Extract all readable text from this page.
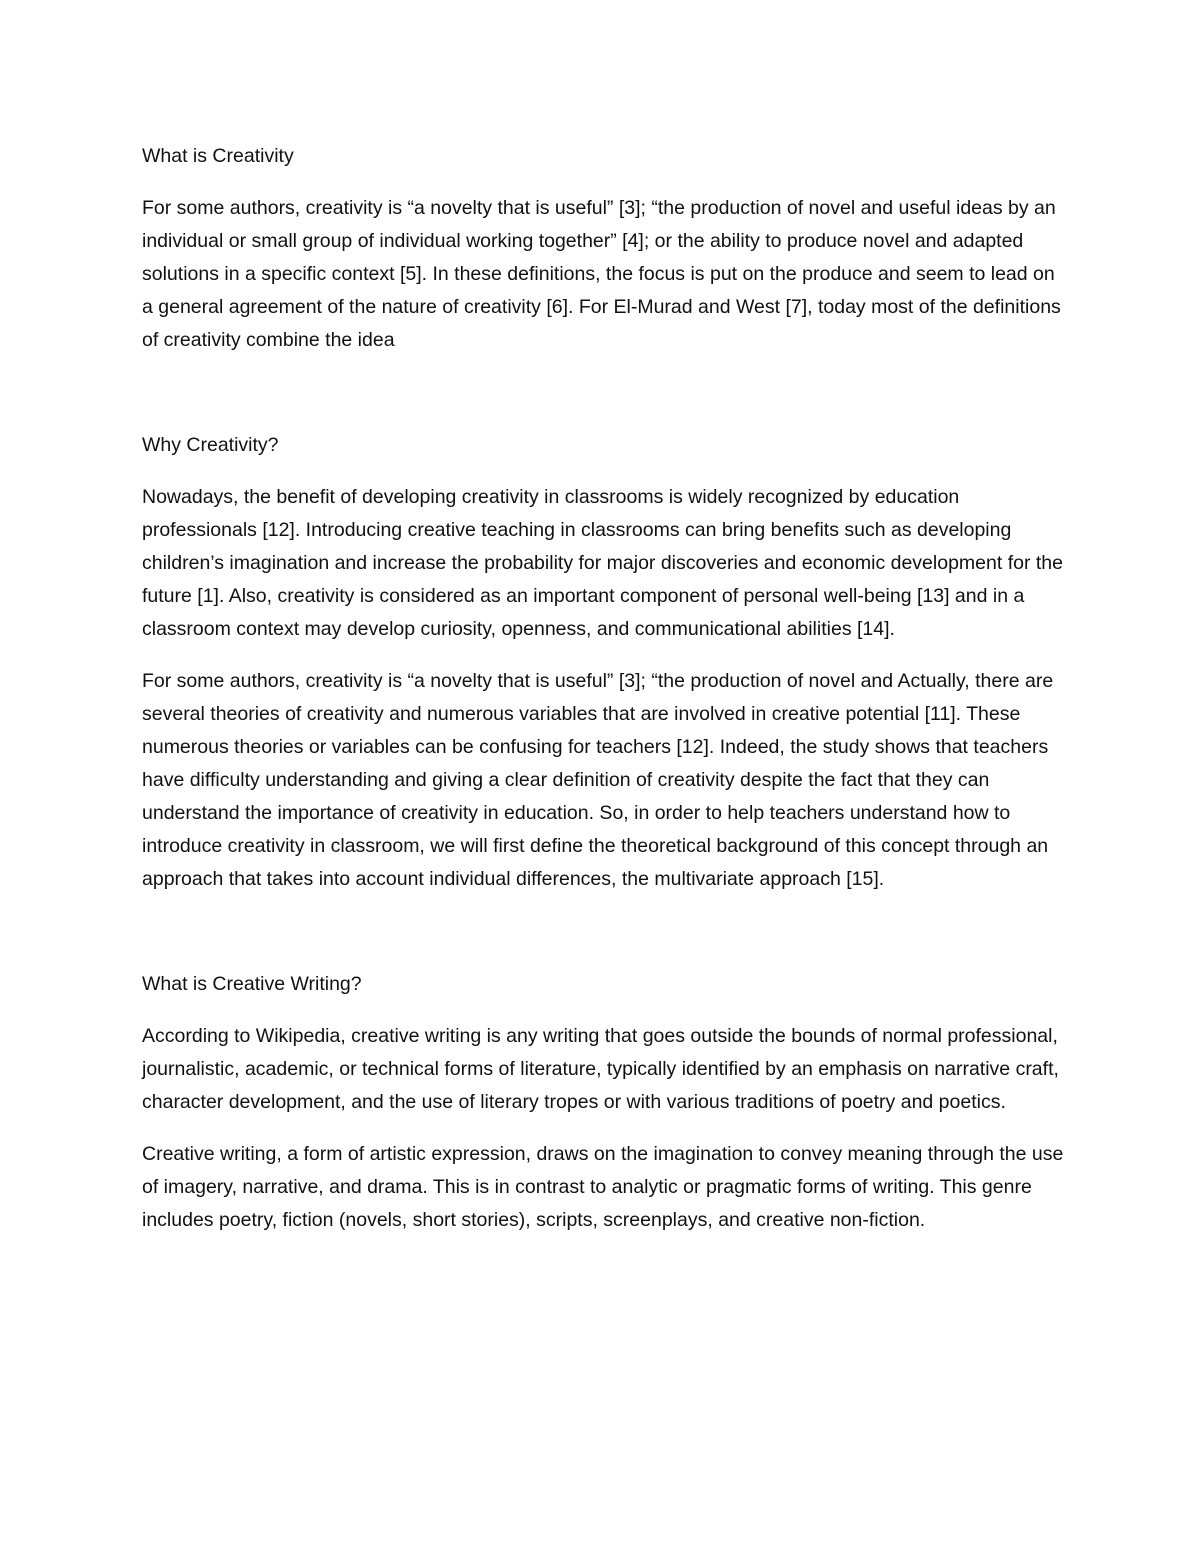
What is Creativity

For some authors, creativity is “a novelty that is useful” [3]; “the production of novel and useful ideas by an individual or small group of individual working together” [4]; or the ability to produce novel and adapted solutions in a specific context [5]. In these definitions, the focus is put on the produce and seem to lead on a general agreement of the nature of creativity [6]. For El-Murad and West [7], today most of the definitions of creativity combine the idea

Why Creativity?

Nowadays, the benefit of developing creativity in classrooms is widely recognized by education professionals [12]. Introducing creative teaching in classrooms can bring benefits such as developing children’s imagination and increase the probability for major discoveries and economic development for the future [1]. Also, creativity is considered as an important component of personal well-being [13] and in a classroom context may develop curiosity, openness, and communicational abilities [14].

For some authors, creativity is “a novelty that is useful” [3]; “the production of novel and Actually, there are several theories of creativity and numerous variables that are involved in creative potential [11]. These numerous theories or variables can be confusing for teachers [12]. Indeed, the study shows that teachers have difficulty understanding and giving a clear definition of creativity despite the fact that they can understand the importance of creativity in education. So, in order to help teachers understand how to introduce creativity in classroom, we will first define the theoretical background of this concept through an approach that takes into account individual differences, the multivariate approach [15].

What is Creative Writing?

According to Wikipedia, creative writing is any writing that goes outside the bounds of normal professional, journalistic, academic, or technical forms of literature, typically identified by an emphasis on narrative craft, character development, and the use of literary tropes or with various traditions of poetry and poetics.

Creative writing, a form of artistic expression, draws on the imagination to convey meaning through the use of imagery, narrative, and drama. This is in contrast to analytic or pragmatic forms of writing. This genre includes poetry, fiction (novels, short stories), scripts, screenplays, and creative non-fiction.
